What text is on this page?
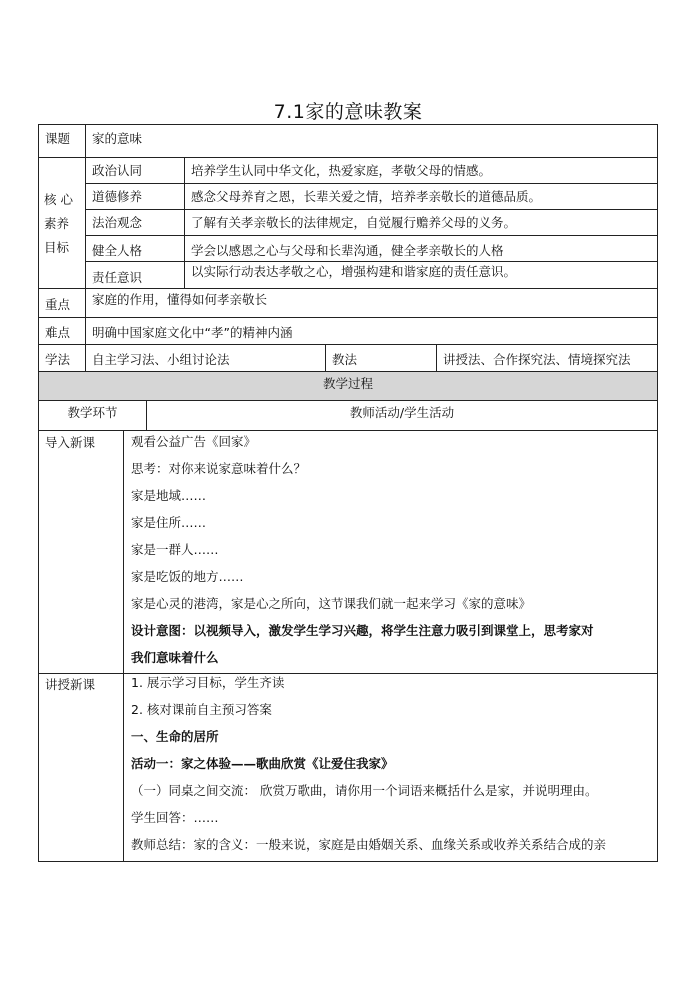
7.1家的意味教案
课题	家的意味
核 心
素养
目标
政治认同	培养学生认同中华文化，热爱家庭，孝敬父母的情感。
道德修养	感念父母养育之恩，长辈关爱之情，培养孝亲敬长的道德品质。
法治观念	了解有关孝亲敬长的法律规定，自觉履行赡养父母的义务。
健全人格	学会以感恩之心与父母和长辈沟通，健全孝亲敬长的人格
责任意识	以实际行动表达孝敬之心，增强构建和谐家庭的责任意识。
重点	家庭的作用，懂得如何孝亲敬长
难点	明确中国家庭文化中“孝”的精神内涵
学法	自主学习法、小组讨论法	教法	讲授法、合作探究法、情境探究法
教学过程
教学环节	教师活动/学生活动
导入新课	观看公益广告《回家》
思考：对你来说家意味着什么？
家是地域……
家是住所……
家是一群人……
家是吃饭的地方……
家是心灵的港湾，家是心之所向，这节课我们就一起来学习《家的意味》
设计意图：以视频导入，激发学生学习兴趣，将学生注意力吸引到课堂上，思考家对
我们意味着什么
讲授新课	1. 展示学习目标，学生齐读
2. 核对课前自主预习答案
一、生命的居所
活动一：家之体验——歌曲欣赏《让爱住我家》
（一）同桌之间交流： 欣赏万歌曲，请你用一个词语来概括什么是家，并说明理由。
学生回答：……
教师总结：家的含义：一般来说，家庭是由婚姻关系、血缘关系或收养关系结合成的亲
